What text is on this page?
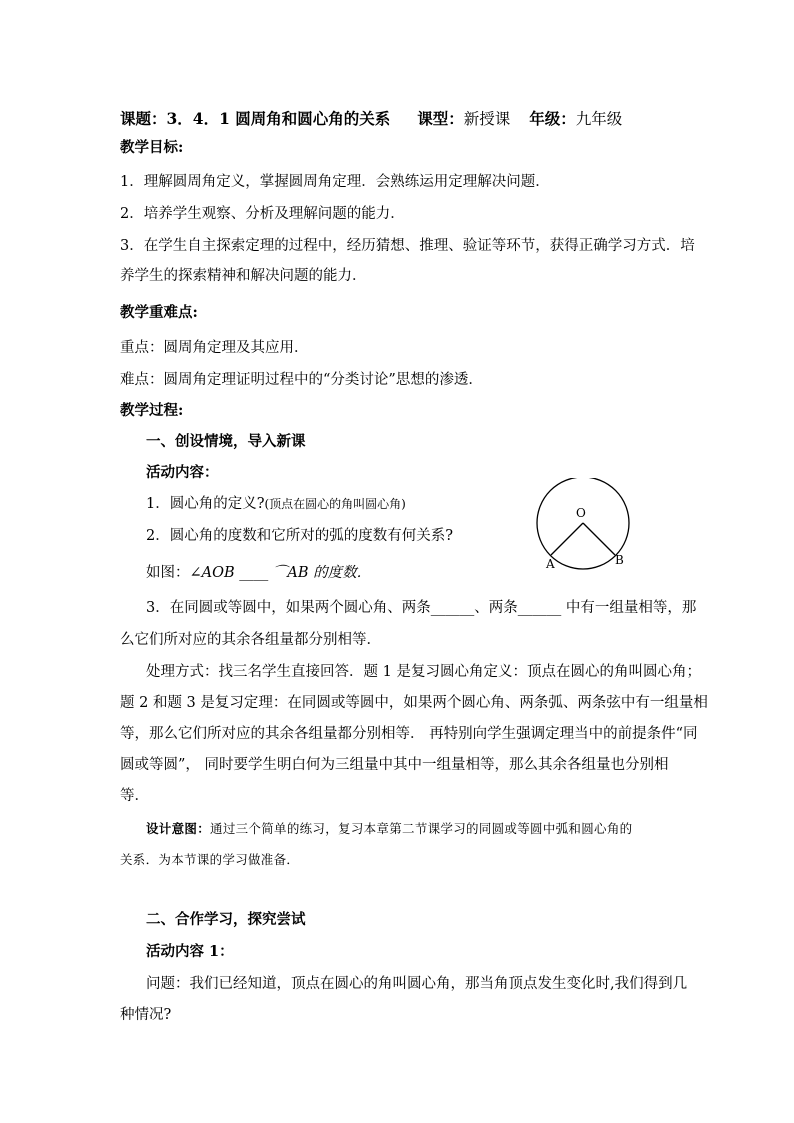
课题：3．4．1 圆周角和圆心角的关系 课型：新授课 年级：九年级

教学目标:

1．理解圆周角定义，掌握圆周角定理．会熟练运用定理解决问题．

2．培养学生观察、分析及理解问题的能力．

3．在学生自主探索定理的过程中，经历猜想、推理、验证等环节，获得正确学习方式．培

养学生的探索精神和解决问题的能力．

教学重难点:

重点：圆周角定理及其应用．

难点：圆周角定理证明过程中的“分类讨论”思想的渗透．

教学过程:

一、创设情境，导入新课

活动内容：

1．圆心角的定义?(顶点在圆心的角叫圆心角)

2．圆心角的度数和它所对的弧的度数有何关系?

如图：∠AOB ____ ⌒AB 的度数．

O
A	B

3．在同圆或等圆中，如果两个圆心角、两条______、两条______ 中有一组量相等，那

么它们所对应的其余各组量都分别相等．

处理方式：找三名学生直接回答．题 1 是复习圆心角定义：顶点在圆心的角叫圆心角；

题 2 和题 3 是复习定理：在同圆或等圆中，如果两个圆心角、两条弧、两条弦中有一组量相

等，那么它们所对应的其余各组量都分别相等． 再特别向学生强调定理当中的前提条件“同

圆或等圆”， 同时要学生明白何为三组量中其中一组量相等，那么其余各组量也分别相

等．

设计意图：通过三个简单的练习，复习本章第二节课学习的同圆或等圆中弧和圆心角的

关系．为本节课的学习做准备．

二、合作学习，探究尝试

活动内容 1：

问题：我们已经知道，顶点在圆心的角叫圆心角，那当角顶点发生变化时,我们得到几

种情况?
